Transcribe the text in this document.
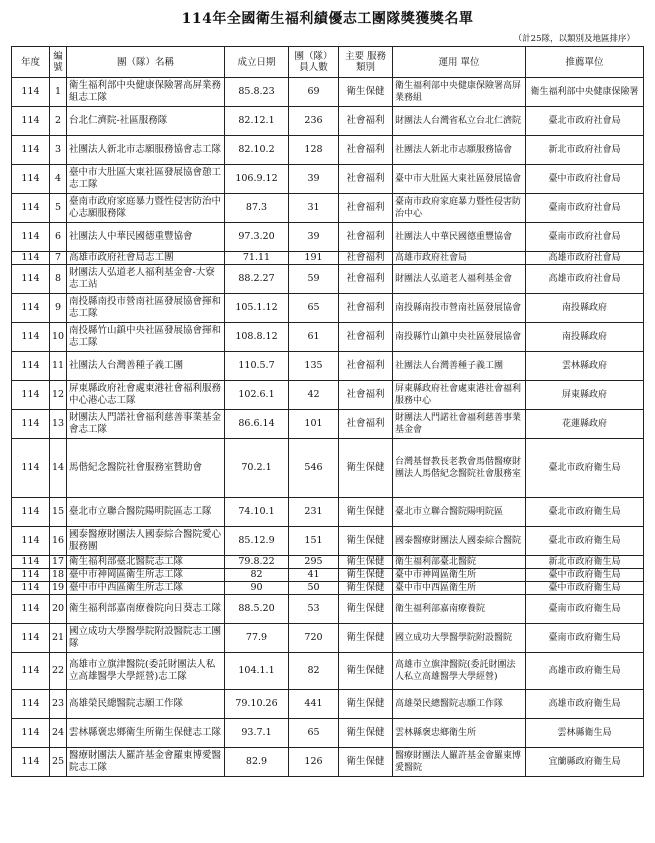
114年全國衛生福利績優志工團隊獎獲獎名單
（計25隊，以類別及地區排序）
年度	編號	團（隊）名稱	成立日期	團（隊）員人數	主要 服務類別	運用 單位	推薦單位
114	1	衛生福利部中央健康保險署高屏業務組志工隊	85.8.23	69	衛生保健	衛生福利部中央健康保險署高屏業務組	衛生福利部中央健康保險署
114	2	台北仁濟院-社區服務隊	82.12.1	236	社會福利	財團法人台灣省私立台北仁濟院	臺北市政府社會局
114	3	社團法人新北市志願服務協會志工隊	82.10.2	128	社會福利	社團法人新北市志願服務協會	新北市政府社會局
114	4	臺中市大肚區大東社區發展協會憩工志工隊	106.9.12	39	社會福利	臺中市大肚區大東社區發展協會	臺中市政府社會局
114	5	臺南市政府家庭暴力暨性侵害防治中心志願服務隊	87.3	31	社會福利	臺南市政府家庭暴力暨性侵害防治中心	臺南市政府社會局
114	6	社團法人中華民國德重豐協會	97.3.20	39	社會福利	社團法人中華民國德重豐協會	臺南市政府社會局
114	7	高雄市政府社會局志工團	71.11	191	社會福利	高雄市政府社會局	高雄市政府社會局
114	8	財團法人弘道老人福利基金會-大寮志工站	88.2.27	59	社會福利	財團法人弘道老人福利基金會	高雄市政府社會局
114	9	南投縣南投市營南社區發展協會揮和志工隊	105.1.12	65	社會福利	南投縣南投市營南社區發展協會	南投縣政府
114	10	南投縣竹山鎮中央社區發展協會揮和志工隊	108.8.12	61	社會福利	南投縣竹山鎮中央社區發展協會	南投縣政府
114	11	社團法人台灣善種子義工團	110.5.7	135	社會福利	社團法人台灣善種子義工團	雲林縣政府
114	12	屏東縣政府社會處東港社會福利服務中心港心志工隊	102.6.1	42	社會福利	屏東縣政府社會處東港社會福利服務中心	屏東縣政府
114	13	財團法人門諾社會福利慈善事業基金會志工隊	86.6.14	101	社會福利	財團法人門諾社會福利慈善事業基金會	花蓮縣政府
114	14	馬偕紀念醫院社會服務室贊助會	70.2.1	546	衛生保健	台灣基督教長老教會馬偕醫療財團法人馬偕紀念醫院社會服務室	臺北市政府衛生局
114	15	臺北市立聯合醫院陽明院區志工隊	74.10.1	231	衛生保健	臺北市立聯合醫院陽明院區	臺北市政府衛生局
114	16	國泰醫療財團法人國泰綜合醫院愛心服務團	85.12.9	151	衛生保健	國泰醫療財團法人國泰綜合醫院	臺北市政府衛生局
114	17	衛生福利部臺北醫院志工隊	79.8.22	295	衛生保健	衛生福利部臺北醫院	新北市政府衛生局
114	18	臺中市神岡區衛生所志工隊	82	41	衛生保健	臺中市神岡區衛生所	臺中市政府衛生局
114	19	臺中市中西區衛生所志工隊	90	50	衛生保健	臺中市中西區衛生所	臺中市政府衛生局
114	20	衛生福利部嘉南療養院向日葵志工隊	88.5.20	53	衛生保健	衛生福利部嘉南療養院	臺南市政府衛生局
114	21	國立成功大學醫學院附設醫院志工團隊	77.9	720	衛生保健	國立成功大學醫學院附設醫院	臺南市政府衛生局
114	22	高雄市立旗津醫院(委託財團法人私立高雄醫學大學經營)志工隊	104.1.1	82	衛生保健	高雄市立旗津醫院(委託財團法人私立高雄醫學大學經營)	高雄市政府衛生局
114	23	高雄榮民總醫院志願工作隊	79.10.26	441	衛生保健	高雄榮民總醫院志願工作隊	高雄市政府衛生局
114	24	雲林縣褒忠鄉衛生所衛生保健志工隊	93.7.1	65	衛生保健	雲林縣褒忠鄉衛生所	雲林縣衛生局
114	25	醫療財團法人羅許基金會羅東博愛醫院志工隊	82.9	126	衛生保健	醫療財團法人羅許基金會羅東博愛醫院	宜蘭縣政府衛生局
